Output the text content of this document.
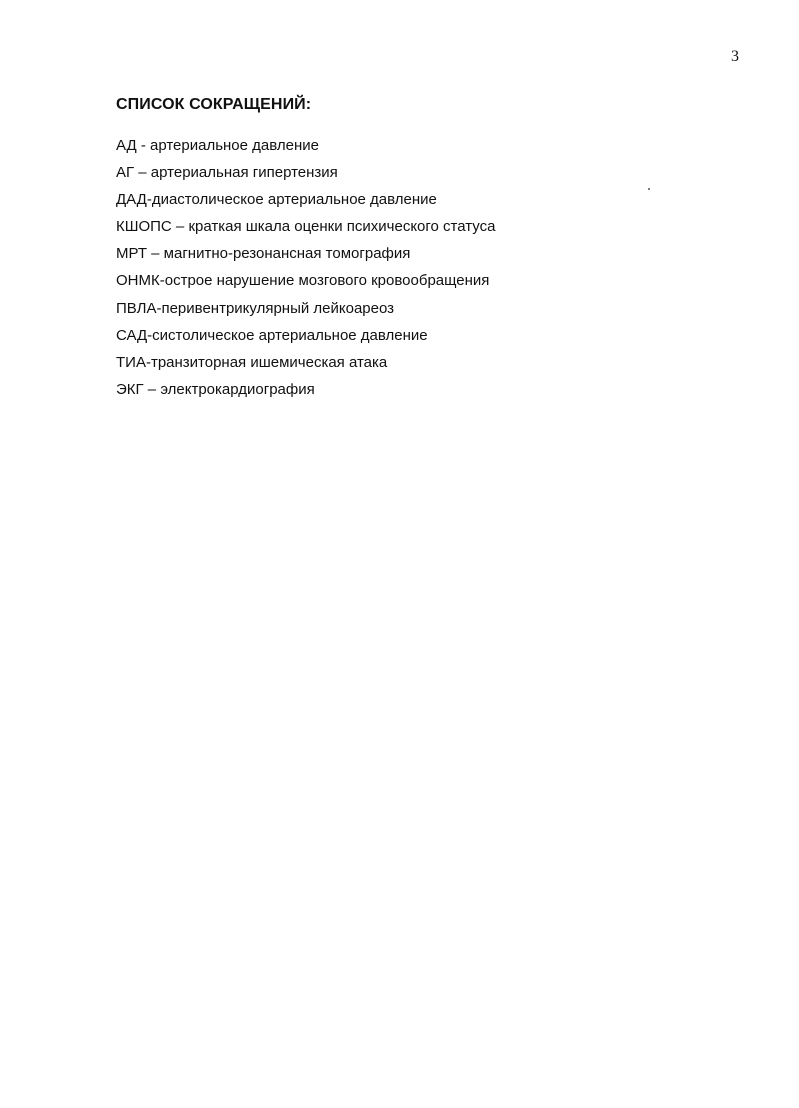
3
СПИСОК СОКРАЩЕНИЙ:
АД - артериальное давление
АГ – артериальная гипертензия
ДАД-диастолическое артериальное давление
КШОПС – краткая шкала оценки психического статуса
МРТ – магнитно-резонансная томография
ОНМК-острое нарушение мозгового кровообращения
ПВЛА-перивентрикулярный лейкоареоз
САД-систолическое артериальное давление
ТИА-транзиторная ишемическая атака
ЭКГ – электрокардиография
